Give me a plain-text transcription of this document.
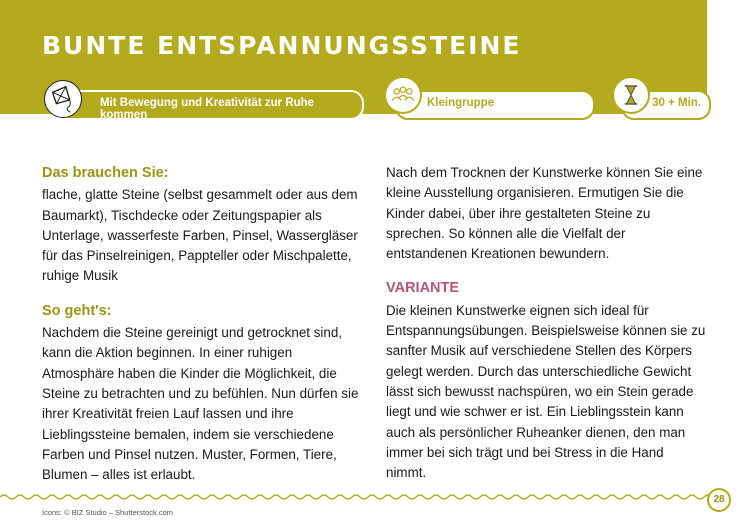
BUNTE ENTSPANNUNGSSTEINE
Mit Bewegung und Kreativität zur Ruhe kommen
Kleingruppe	30 + Min.
Das brauchen Sie:

flache, glatte Steine (selbst gesammelt oder aus dem Baumarkt), Tischdecke oder Zeitungspapier als Unterlage, wasserfeste Farben, Pinsel, Wassergläser für das Pinselreinigen, Pappteller oder Mischpalette, ruhige Musik

So geht's:

Nachdem die Steine gereinigt und getrocknet sind, kann die Aktion beginnen. In einer ruhigen Atmosphäre haben die Kinder die Möglichkeit, die Steine zu betrachten und zu befühlen. Nun dürfen sie ihrer Kreativität freien Lauf lassen und ihre Lieblingssteine bemalen, indem sie verschiedene Farben und Pinsel nutzen. Muster, Formen, Tiere, Blumen – alles ist erlaubt.

Nach dem Trocknen der Kunstwerke können Sie eine kleine Ausstellung organisieren. Ermutigen Sie die Kinder dabei, über ihre gestalteten Steine zu sprechen. So können alle die Vielfalt der entstandenen Kreationen bewundern.

VARIANTE

Die kleinen Kunstwerke eignen sich ideal für Entspannungsübungen. Beispielsweise können sie zu sanfter Musik auf verschiedene Stellen des Körpers gelegt werden. Durch das unterschiedliche Gewicht lässt sich bewusst nachspüren, wo ein Stein gerade liegt und wie schwer er ist. Ein Lieblingsstein kann auch als persönlicher Ruheanker dienen, den man immer bei sich trägt und bei Stress in die Hand nimmt.

Icons: © BIZ Studio – Shutterstock.com
28
